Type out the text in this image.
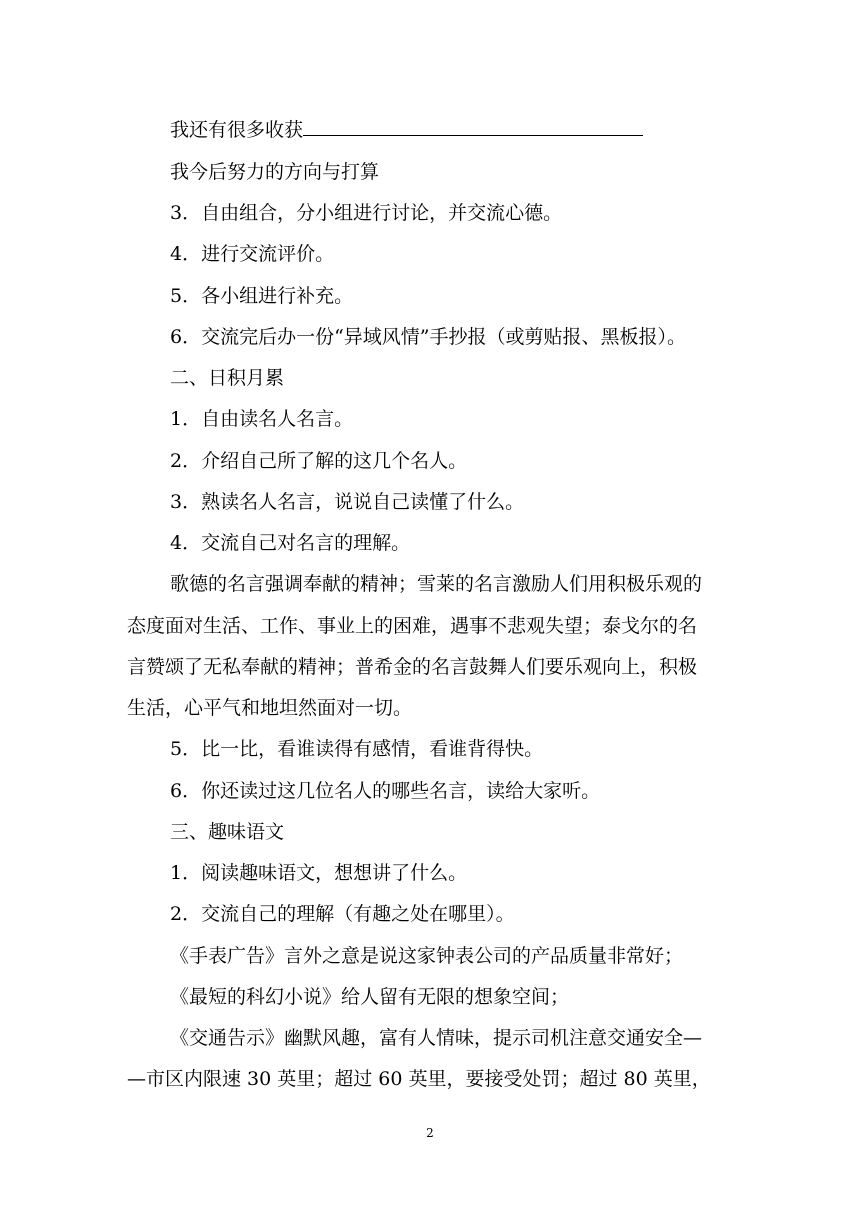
我还有很多收获
我今后努力的方向与打算
3．自由组合，分小组进行讨论，并交流心德。
4．进行交流评价。
5．各小组进行补充。
6．交流完后办一份“异域风情”手抄报（或剪贴报、黑板报）。
二、日积月累
1．自由读名人名言。
2．介绍自己所了解的这几个名人。
3．熟读名人名言，说说自己读懂了什么。
4．交流自己对名言的理解。
歌德的名言强调奉献的精神；雪莱的名言激励人们用积极乐观的
态度面对生活、工作、事业上的困难，遇事不悲观失望；泰戈尔的名
言赞颂了无私奉献的精神；普希金的名言鼓舞人们要乐观向上，积极
生活，心平气和地坦然面对一切。
5．比一比，看谁读得有感情，看谁背得快。
6．你还读过这几位名人的哪些名言，读给大家听。
三、趣味语文
1．阅读趣味语文，想想讲了什么。
2．交流自己的理解（有趣之处在哪里）。
《手表广告》言外之意是说这家钟表公司的产品质量非常好；
《最短的科幻小说》给人留有无限的想象空间；
《交通告示》幽默风趣，富有人情味，提示司机注意交通安全—
—市区内限速 30 英里；超过 60 英里，要接受处罚；超过 80 英里，
2
